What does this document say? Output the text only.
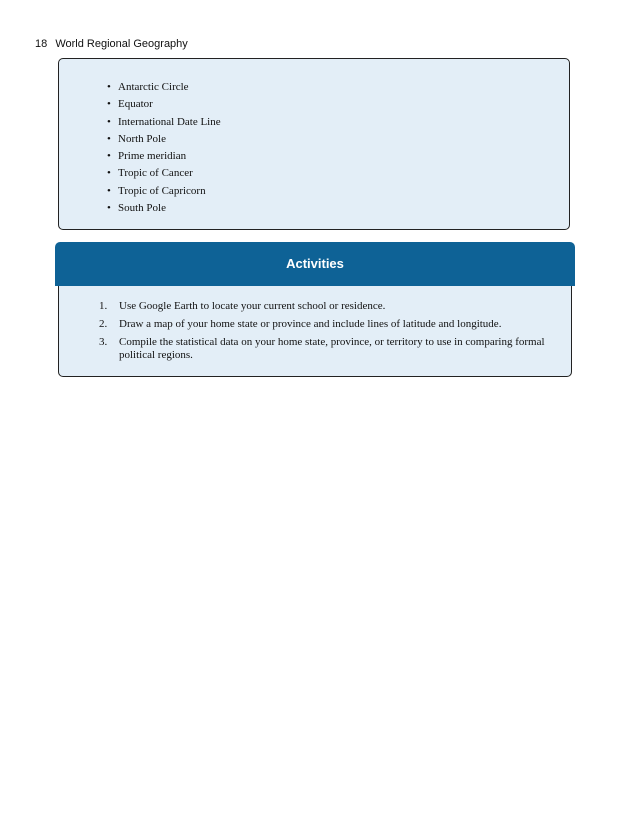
18 World Regional Geography
• Antarctic Circle
• Equator
• International Date Line
• North Pole
• Prime meridian
• Tropic of Cancer
• Tropic of Capricorn
• South Pole
1. Use Google Earth to locate your current school or residence.
2. Draw a map of your home state or province and include lines of latitude and longitude.
3. Compile the statistical data on your home state, province, or territory to use in comparing formal political regions.
Activities
